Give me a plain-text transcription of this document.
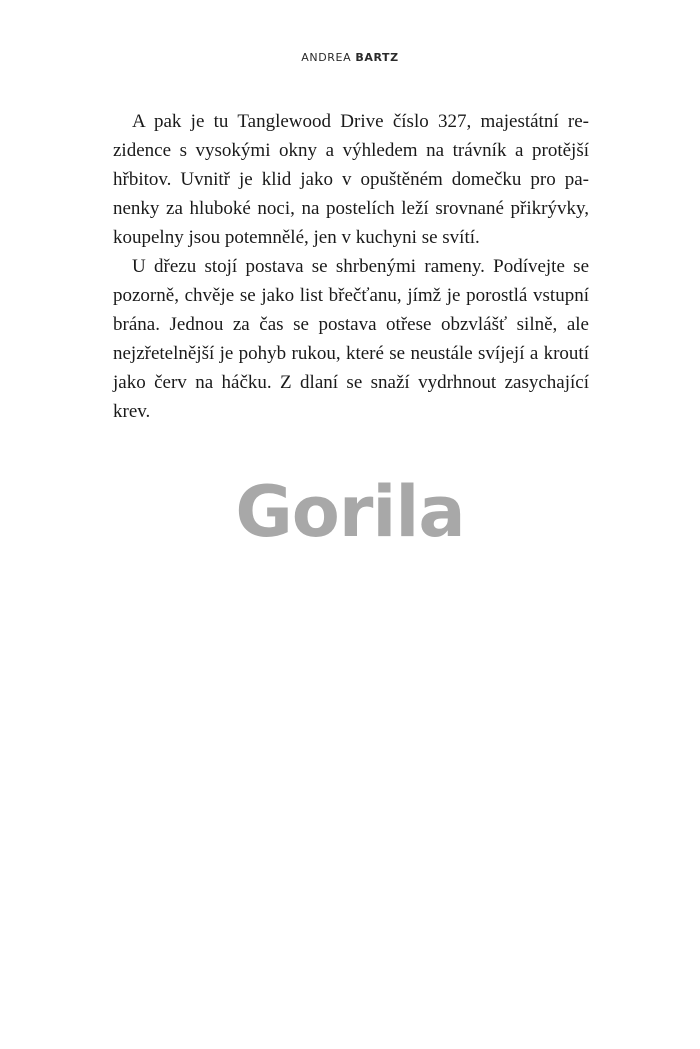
ANDREA BARTZ

A pak je tu Tanglewood Drive číslo 327, majestátní rezidence s vysokými okny a výhledem na trávník a protější hřbitov. Uvnitř je klid jako v opuštěném domečku pro panenky za hluboké noci, na postelích leží srovnané přikrývky, koupelny jsou potemnělé, jen v kuchyni se svítí.

U dřezu stojí postava se shrbenými rameny. Podívejte se pozorně, chvěje se jako list břečťanu, jímž je porostlá vstupní brána. Jednou za čas se postava otřese obzvlášť silně, ale nejzřetelnější je pohyb rukou, které se neustále svíjejí a kroutí jako červ na háčku. Z dlaní se snaží vydrhnout zasychající krev.

Gorila
